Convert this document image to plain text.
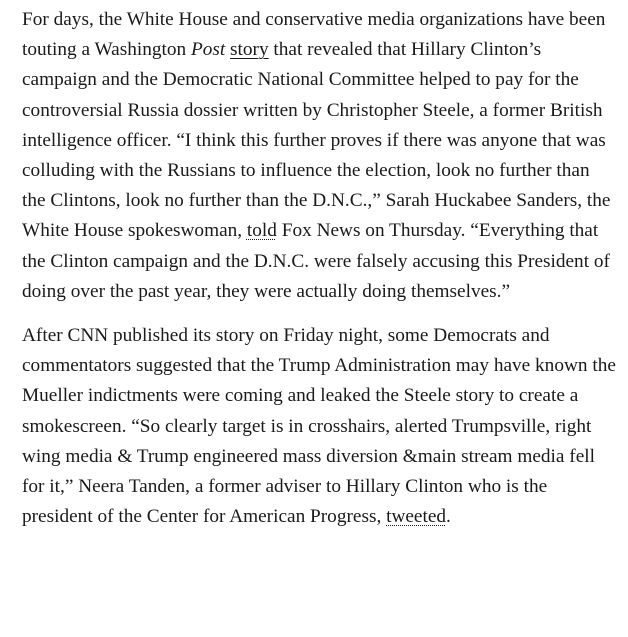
For days, the White House and conservative media organizations have been touting a Washington Post story that revealed that Hillary Clinton’s campaign and the Democratic National Committee helped to pay for the controversial Russia dossier written by Christopher Steele, a former British intelligence officer. “I think this further proves if there was anyone that was colluding with the Russians to influence the election, look no further than the Clintons, look no further than the D.N.C.,” Sarah Huckabee Sanders, the White House spokeswoman, told Fox News on Thursday. “Everything that the Clinton campaign and the D.N.C. were falsely accusing this President of doing over the past year, they were actually doing themselves.”

After CNN published its story on Friday night, some Democrats and commentators suggested that the Trump Administration may have known the Mueller indictments were coming and leaked the Steele story to create a smokescreen. “So clearly target is in crosshairs, alerted Trumpsville, right wing media & Trump engineered mass diversion &main stream media fell for it,” Neera Tanden, a former adviser to Hillary Clinton who is the president of the Center for American Progress, tweeted.
